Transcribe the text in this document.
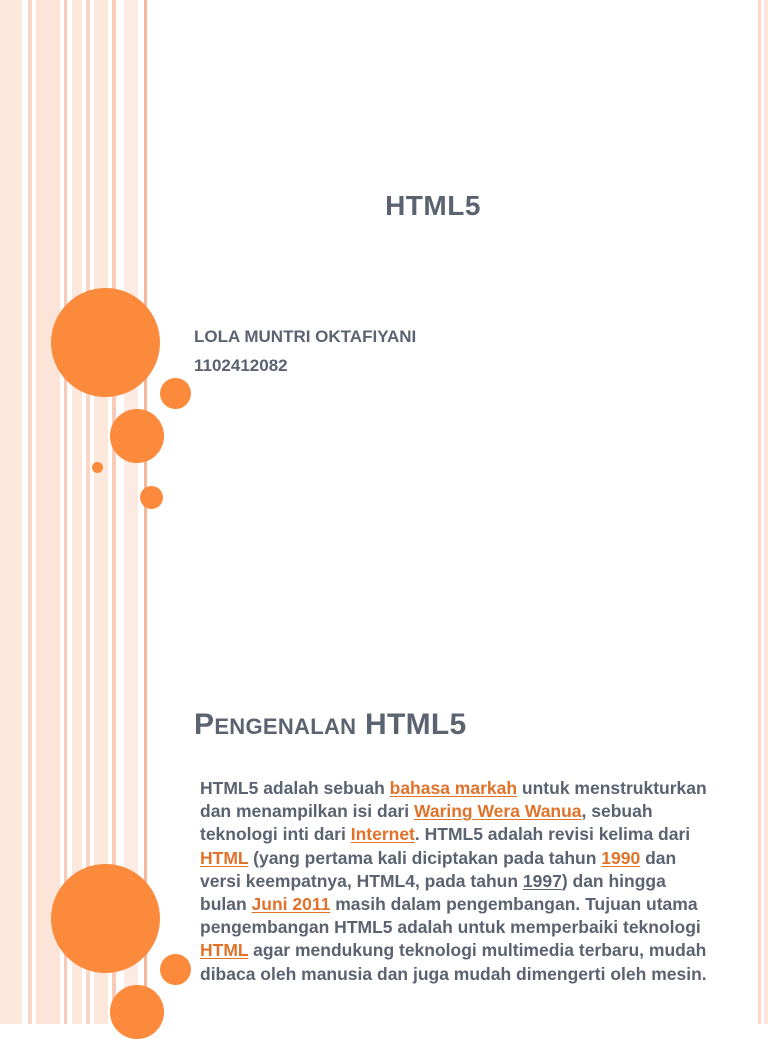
HTML5
LOLA MUNTRI OKTAFIYANI
1102412082
PENGENALAN HTML5
HTML5 adalah sebuah bahasa markah untuk menstrukturkan dan menampilkan isi dari Waring Wera Wanua, sebuah teknologi inti dari Internet. HTML5 adalah revisi kelima dari HTML (yang pertama kali diciptakan pada tahun 1990 dan versi keempatnya, HTML4, pada tahun 1997) dan hingga bulan Juni 2011 masih dalam pengembangan. Tujuan utama pengembangan HTML5 adalah untuk memperbaiki teknologi HTML agar mendukung teknologi multimedia terbaru, mudah dibaca oleh manusia dan juga mudah dimengerti oleh mesin.
